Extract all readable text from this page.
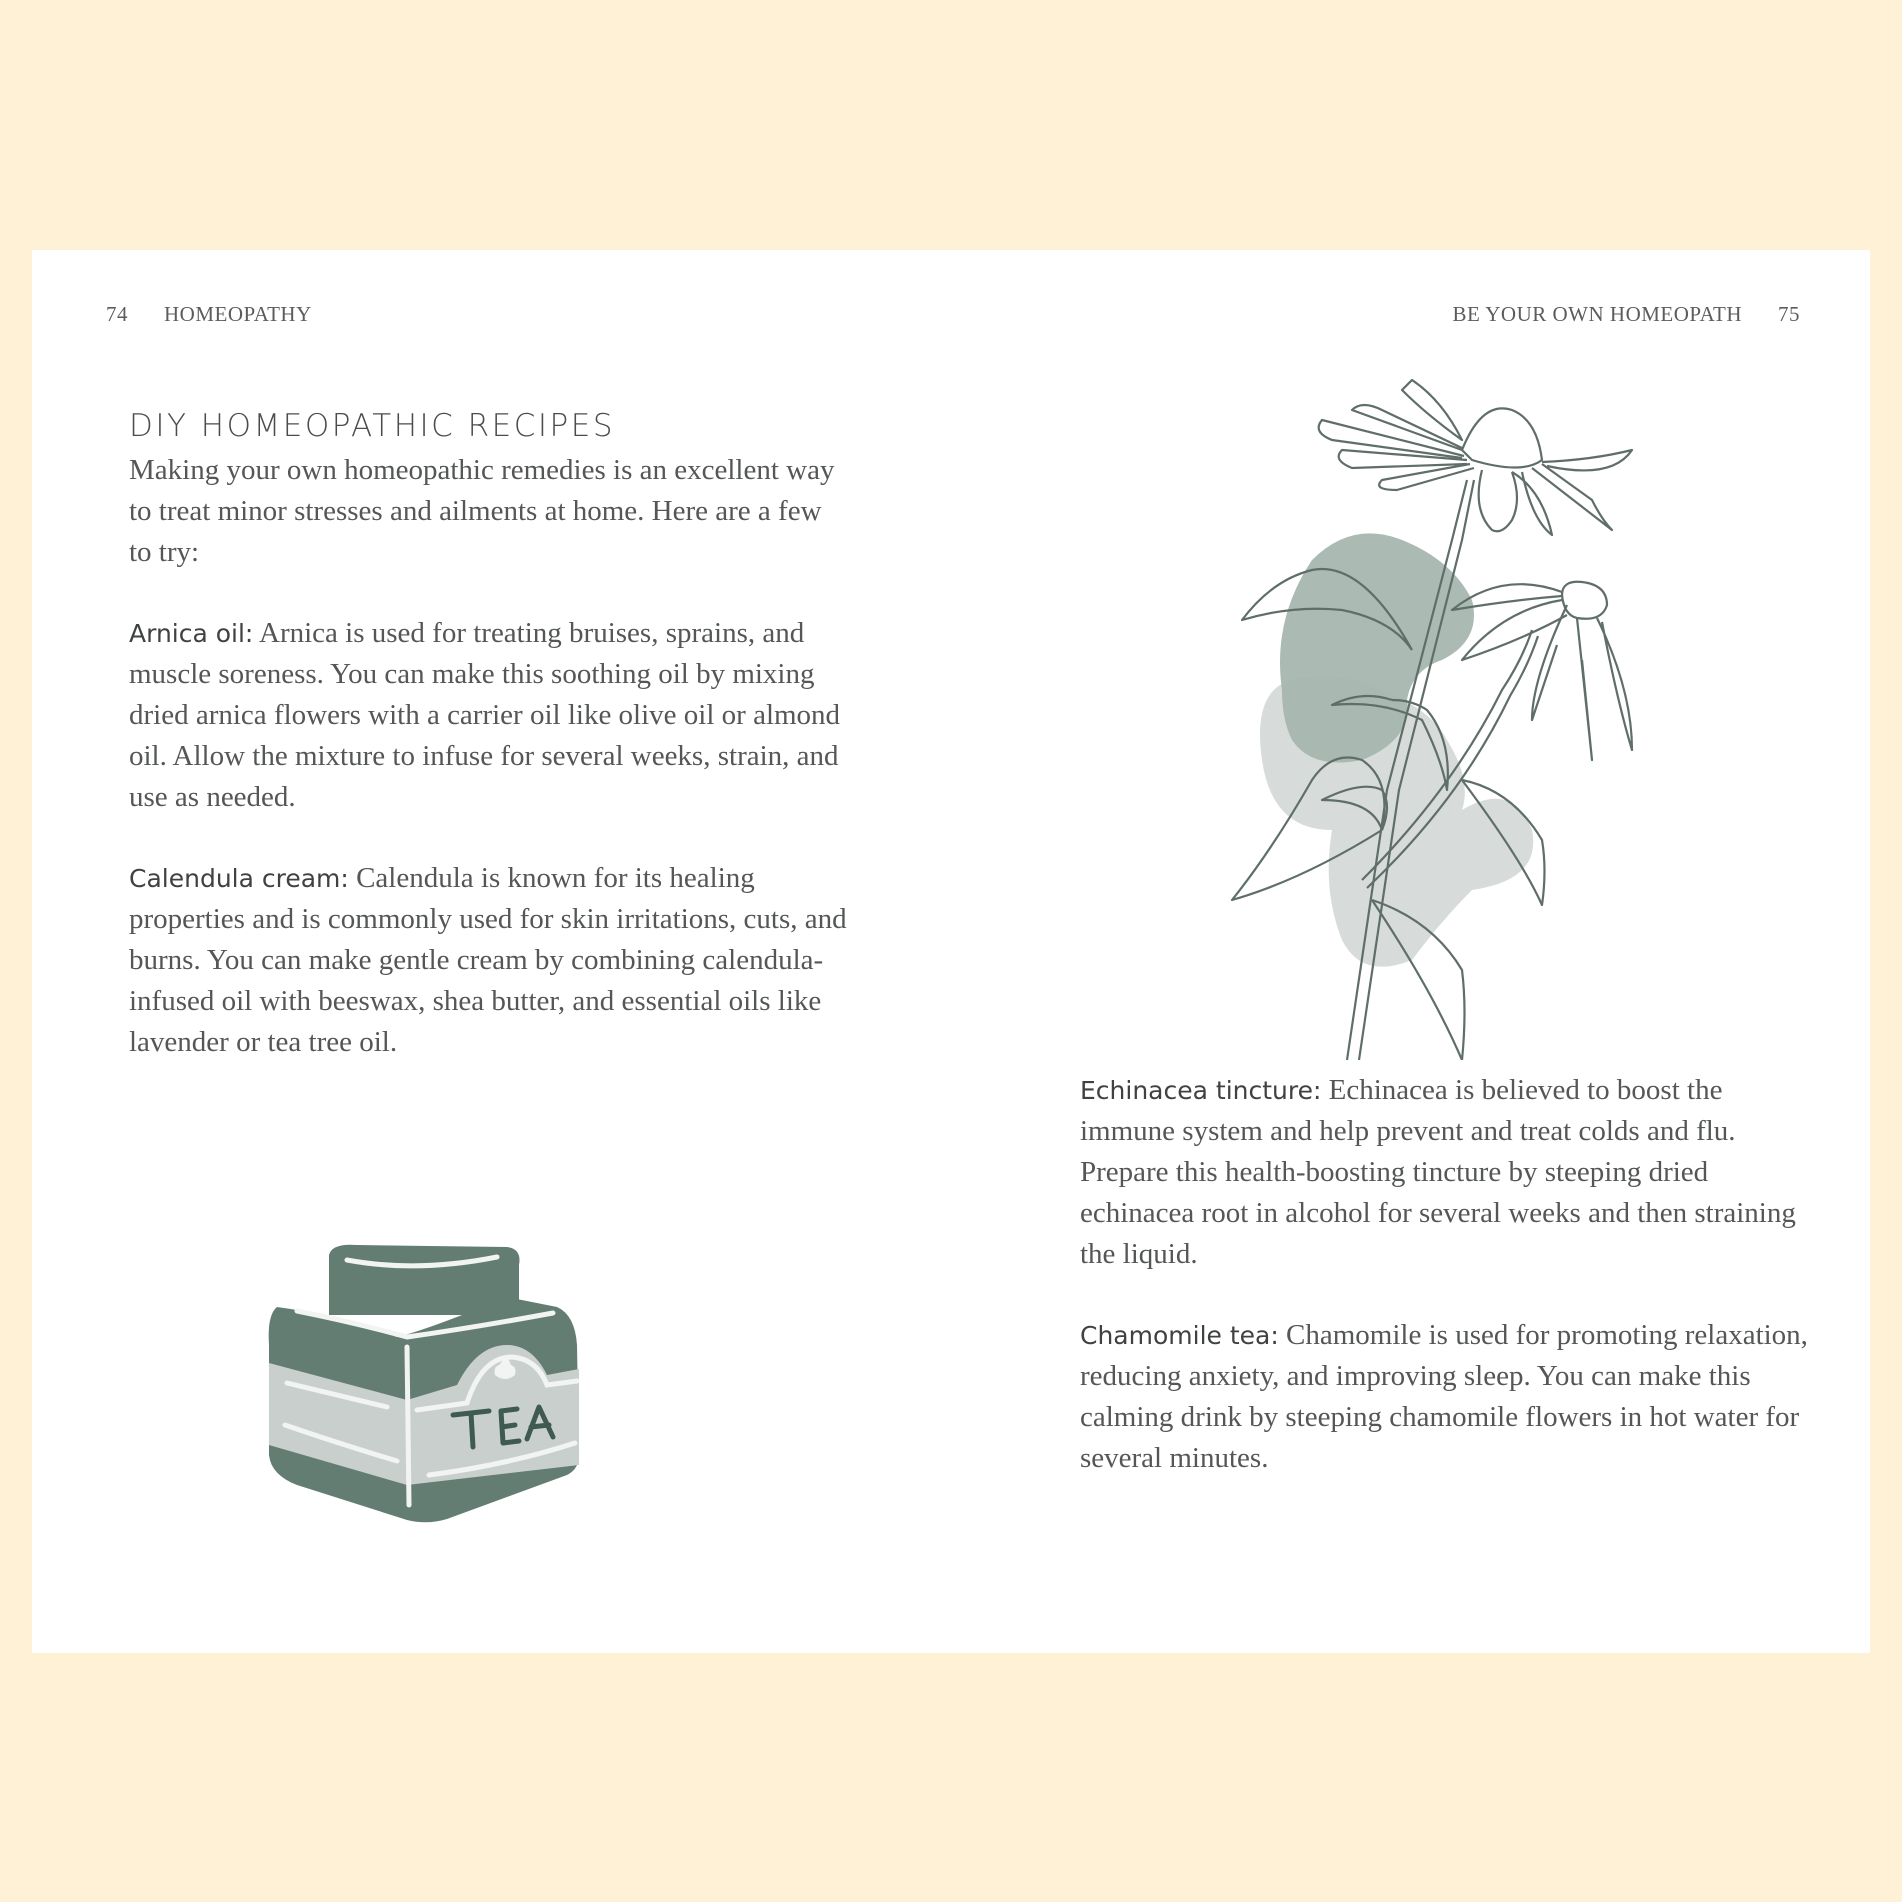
74 HOMEOPATHY	BE YOUR OWN HOMEOPATH 75
DIY HOMEOPATHIC RECIPES

Making your own homeopathic remedies is an excellent way to treat minor stresses and ailments at home. Here are a few to try:

Arnica oil: Arnica is used for treating bruises, sprains, and muscle soreness. You can make this soothing oil by mixing dried arnica flowers with a carrier oil like olive oil or almond oil. Allow the mixture to infuse for several weeks, strain, and use as needed.

Calendula cream: Calendula is known for its healing properties and is commonly used for skin irritations, cuts, and burns. You can make gentle cream by combining calendula-infused oil with beeswax, shea butter, and essential oils like lavender or tea tree oil.

Echinacea tincture: Echinacea is believed to boost the immune system and help prevent and treat colds and flu. Prepare this health-boosting tincture by steeping dried echinacea root in alcohol for several weeks and then straining the liquid.

Chamomile tea: Chamomile is used for promoting relaxation, reducing anxiety, and improving sleep. You can make this calming drink by steeping chamomile flowers in hot water for several minutes.
